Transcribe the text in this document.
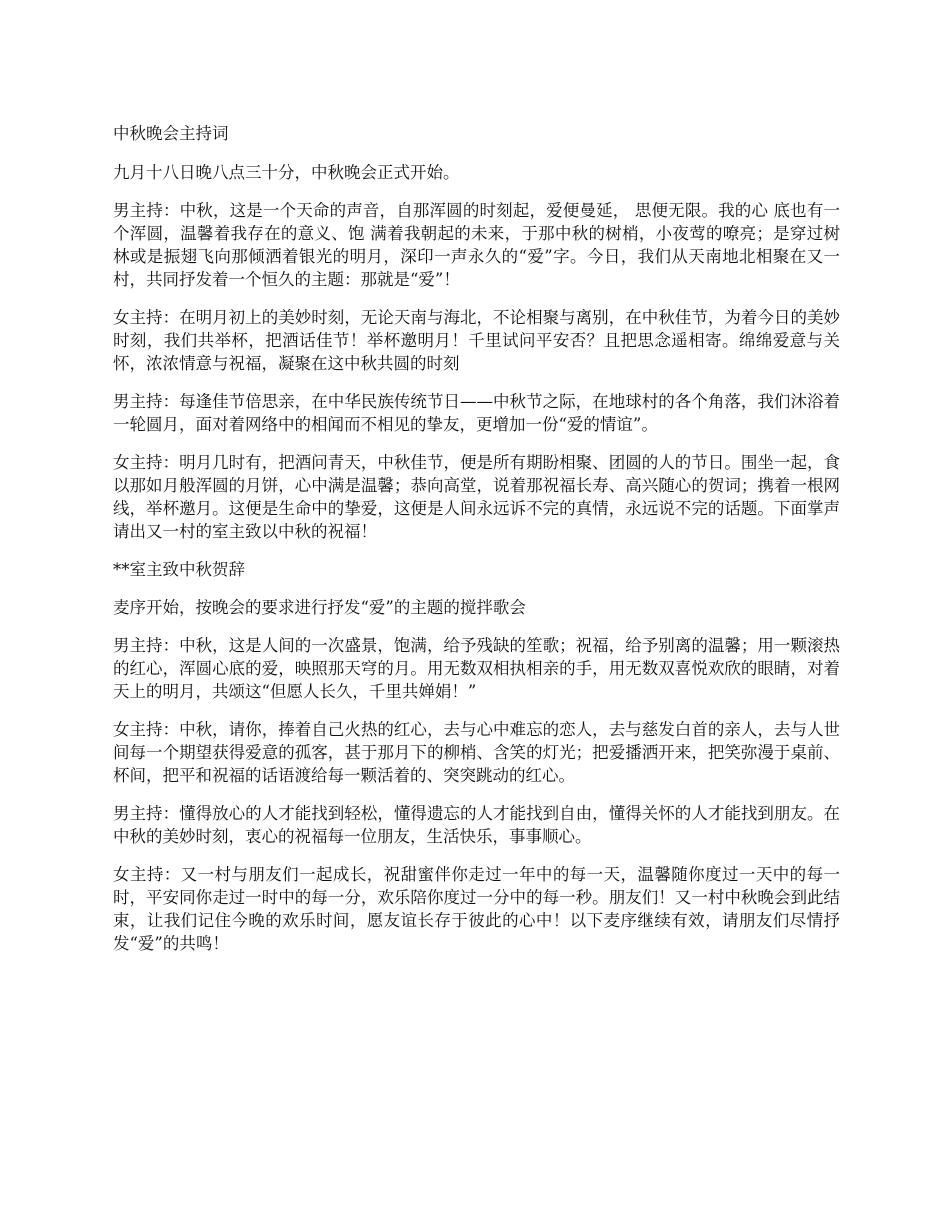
中秋晚会主持词

九月十八日晚八点三十分，中秋晚会正式开始。

男主持：中秋，这是一个天命的声音，自那浑圆的时刻起，爱便曼延， 思便无限。我的心 底也有一个浑圆，温馨着我存在的意义、饱 满着我朝起的未来，于那中秋的树梢，小夜莺的嘹亮；是穿过树林或是振翅飞向那倾洒着银光的明月，深印一声永久的“爱”字。今日，我们从天南地北相聚在又一村，共同抒发着一个恒久的主题：那就是“爱”！

女主持：在明月初上的美妙时刻，无论天南与海北，不论相聚与离别，在中秋佳节，为着今日的美妙时刻，我们共举杯，把酒话佳节！举杯邀明月！千里试问平安否？且把思念遥相寄。绵绵爱意与关怀，浓浓情意与祝福，凝聚在这中秋共圆的时刻

男主持：每逢佳节倍思亲，在中华民族传统节日——中秋节之际，在地球村的各个角落，我们沐浴着一轮圆月，面对着网络中的相闻而不相见的挚友，更增加一份“爱的情谊”。

女主持：明月几时有，把酒问青天，中秋佳节，便是所有期盼相聚、团圆的人的节日。围坐一起，食以那如月般浑圆的月饼，心中满是温馨；恭向高堂，说着那祝福长寿、高兴随心的贺词；携着一根网线，举杯邀月。这便是生命中的挚爱，这便是人间永远诉不完的真情，永远说不完的话题。下面掌声请出又一村的室主致以中秋的祝福！

**室主致中秋贺辞

麦序开始，按晚会的要求进行抒发“爱”的主题的搅拌歌会

男主持：中秋，这是人间的一次盛景，饱满，给予残缺的笙歌；祝福，给予别离的温馨；用一颗滚热的红心，浑圆心底的爱，映照那天穹的月。用无数双相执相亲的手，用无数双喜悦欢欣的眼睛，对着天上的明月，共颂这“但愿人长久，千里共婵娟！”

女主持：中秋，请你，捧着自己火热的红心，去与心中难忘的恋人，去与慈发白首的亲人，去与人世间每一个期望获得爱意的孤客，甚于那月下的柳梢、含笑的灯光；把爱播洒开来，把笑弥漫于桌前、杯间，把平和祝福的话语渡给每一颗活着的、突突跳动的红心。

男主持：懂得放心的人才能找到轻松，懂得遗忘的人才能找到自由，懂得关怀的人才能找到朋友。在中秋的美妙时刻，衷心的祝福每一位朋友，生活快乐，事事顺心。

女主持：又一村与朋友们一起成长，祝甜蜜伴你走过一年中的每一天，温馨随你度过一天中的每一时，平安同你走过一时中的每一分，欢乐陪你度过一分中的每一秒。朋友们！又一村中秋晚会到此结束，让我们记住今晚的欢乐时间，愿友谊长存于彼此的心中！以下麦序继续有效，请朋友们尽情抒发“爱”的共鸣！
